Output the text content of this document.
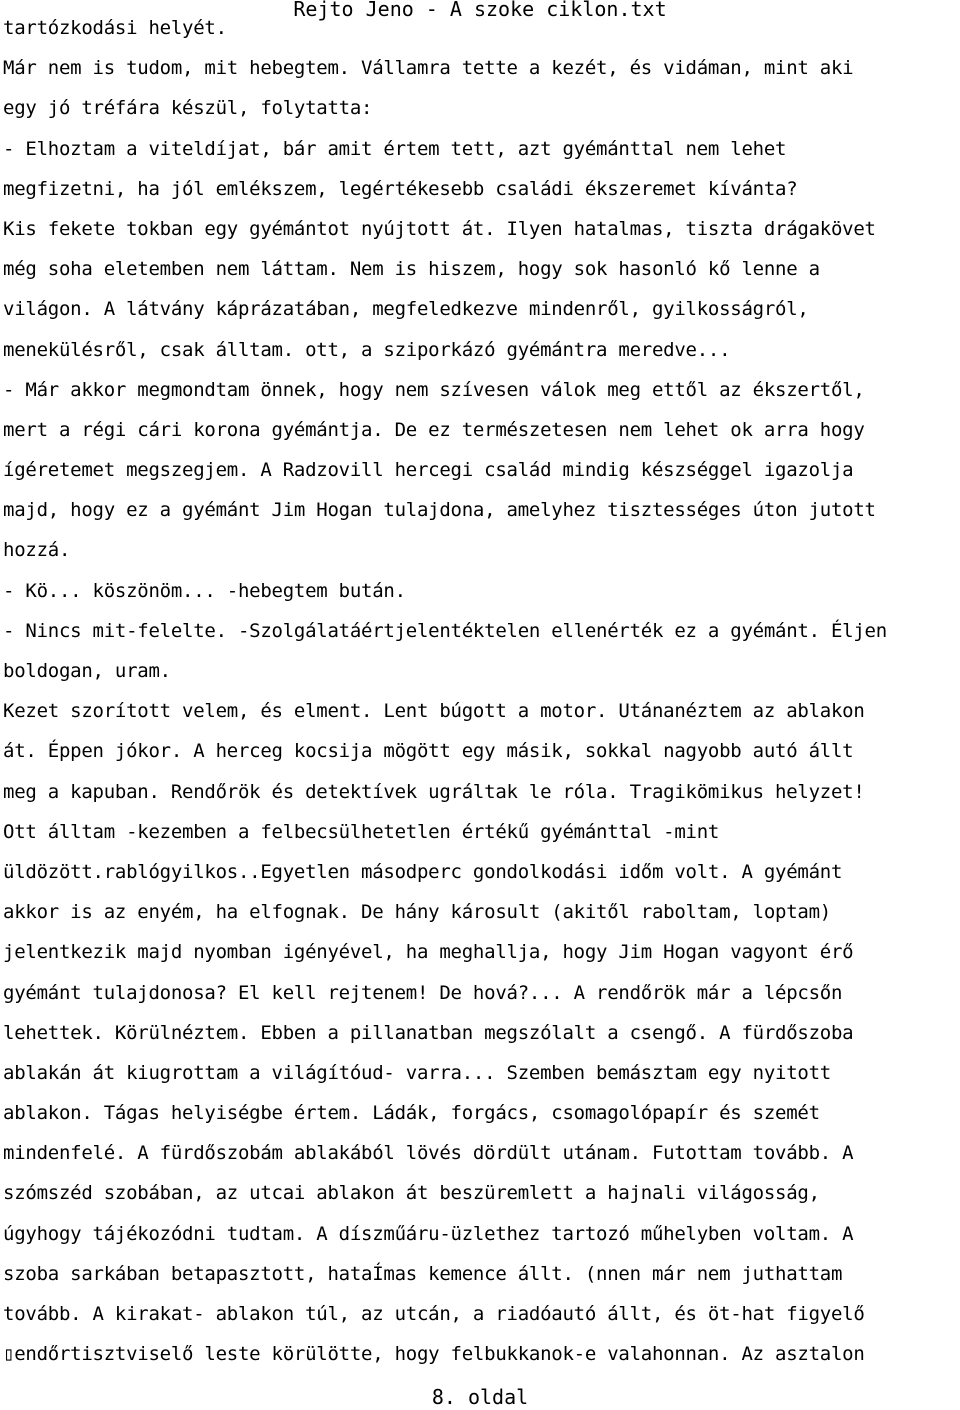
Rejto Jeno - A szoke ciklon.txt
tartózkodási helyét.
Már nem is tudom, mit hebegtem. Vállamra tette a kezét, és vidáman, mint aki
egy jó tréfára készül, folytatta:
- Elhoztam a viteldíjat, bár amit értem tett, azt gyémánttal nem lehet
megfizetni, ha jól emlékszem, legértékesebb családi ékszeremet kívánta?
Kis fekete tokban egy gyémántot nyújtott át. Ilyen hatalmas, tiszta drágakövet
még soha eletemben nem láttam. Nem is hiszem, hogy sok hasonló kő lenne a
világon. A látvány káprázatában, megfeledkezve mindenről, gyilkosságról,
menekülésről, csak álltam. ott, a sziporkázó gyémántra meredve...
- Már akkor megmondtam önnek, hogy nem szívesen válok meg ettől az ékszertől,
mert a régi cári korona gyémántja. De ez természetesen nem lehet ok arra hogy
ígéretemet megszegjem. A Radzovill hercegi család mindig készséggel igazolja
majd, hogy ez a gyémánt Jim Hogan tulajdona, amelyhez tisztességes úton jutott
hozzá.
- Kö... köszönöm... -hebegtem bután.
- Nincs mit-felelte. -Szolgálatáértjelentéktelen ellenérték ez a gyémánt. Éljen
boldogan, uram.
Kezet szorított velem, és elment. Lent búgott a motor. Utánanéztem az ablakon
át. Éppen jókor. A herceg kocsija mögött egy másik, sokkal nagyobb autó állt
meg a kapuban. Rendőrök és detektívek ugráltak le róla. Tragikömikus helyzet!
Ott álltam -kezemben a felbecsülhetetlen értékű gyémánttal -mint
üldözött.rablógyilkos..Egyetlen másodperc gondolkodási időm volt. A gyémánt
akkor is az enyém, ha elfognak. De hány károsult (akitől raboltam, loptam)
jelentkezik majd nyomban igényével, ha meghallja, hogy Jim Hogan vagyont érő
gyémánt tulajdonosa? El kell rejtenem! De hová?... A rendőrök már a lépcsőn
lehettek. Körülnéztem. Ebben a pillanatban megszólalt a csengő. A fürdőszoba
ablakán át kiugrottam a világítóud- varra... Szemben bemásztam egy nyitott
ablakon. Tágas helyiségbe értem. Ládák, forgács, csomagolópapír és szemét
mindenfelé. A fürdőszobám ablakából lövés dördült utánam. Futottam tovább. A
szómszéd szobában, az utcai ablakon át beszüremlett a hajnali világosság,
úgyhogy tájékozódni tudtam. A díszműáru-üzlethez tartozó műhelyben voltam. A
szoba sarkában betapasztott, hataÍmas kemence állt. (nnen már nem juthattam
tovább. A kirakat- ablakon túl, az utcán, a riadóautó állt, és öt-hat figyelő
▯endőrtisztviselő leste körülötte, hogy felbukkanok-e valahonnan. Az asztalon
8. oldal
